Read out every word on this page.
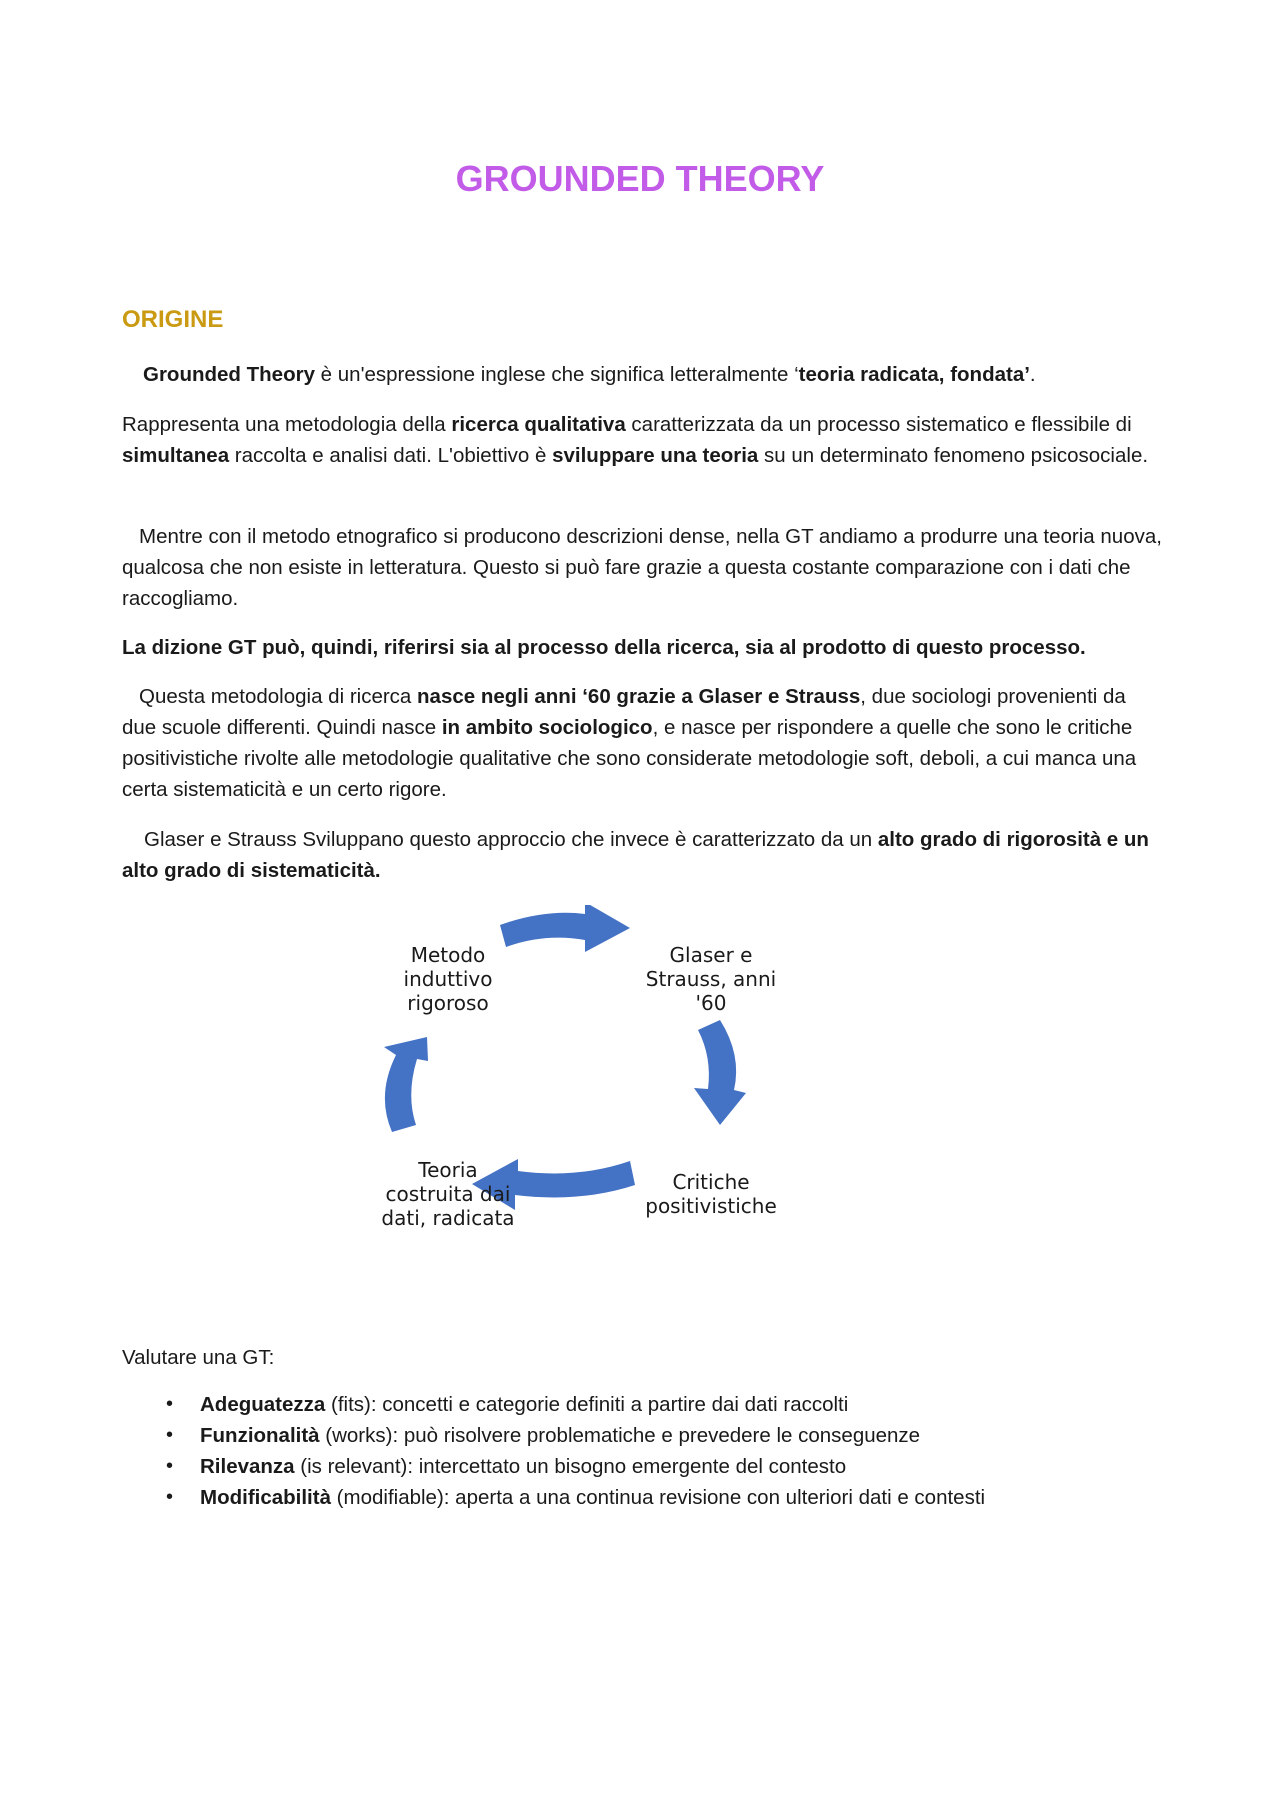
GROUNDED THEORY
ORIGINE

Grounded Theory è un'espressione inglese che significa letteralmente ‘teoria radicata, fondata’.

Rappresenta una metodologia della ricerca qualitativa caratterizzata da un processo sistematico e flessibile di simultanea raccolta e analisi dati. L'obiettivo è sviluppare una teoria su un determinato fenomeno psicosociale.

Mentre con il metodo etnografico si producono descrizioni dense, nella GT andiamo a produrre una teoria nuova, qualcosa che non esiste in letteratura. Questo si può fare grazie a questa costante comparazione con i dati che raccogliamo.

La dizione GT può, quindi, riferirsi sia al processo della ricerca, sia al prodotto di questo processo.

Questa metodologia di ricerca nasce negli anni ‘60 grazie a Glaser e Strauss, due sociologi provenienti da due scuole differenti. Quindi nasce in ambito sociologico, e nasce per rispondere a quelle che sono le critiche positivistiche rivolte alle metodologie qualitative che sono considerate metodologie soft, deboli, a cui manca una certa sistematicità e un certo rigore.

Glaser e Strauss Sviluppano questo approccio che invece è caratterizzato da un alto grado di rigorosità e un alto grado di sistematicità.

Metodo
induttivo
rigoroso
Glaser e
Strauss, anni
'60
Critiche
positivistiche
Teoria
costruita dai
dati, radicata

Valutare una GT:

• Adeguatezza (fits): concetti e categorie definiti a partire dai dati raccolti
• Funzionalità (works): può risolvere problematiche e prevedere le conseguenze
• Rilevanza (is relevant): intercettato un bisogno emergente del contesto
• Modificabilità (modifiable): aperta a una continua revisione con ulteriori dati e contesti
